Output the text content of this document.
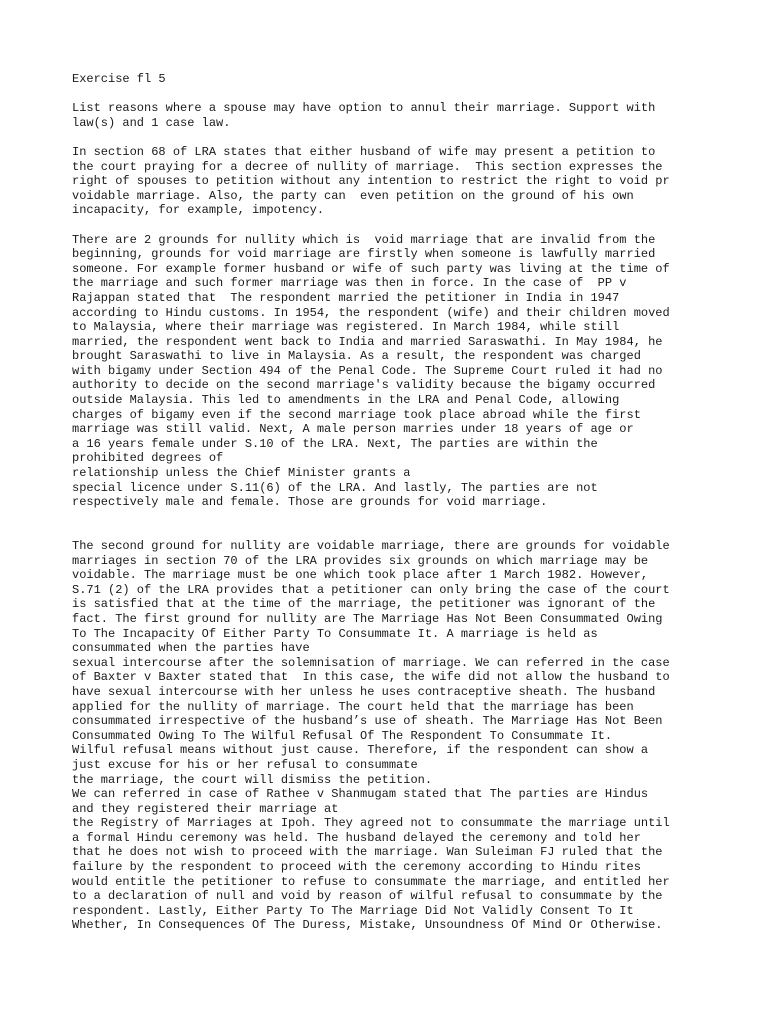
Exercise fl 5
List reasons where a spouse may have option to annul their marriage. Support with
law(s) and 1 case law.
In section 68 of LRA states that either husband of wife may present a petition to
the court praying for a decree of nullity of marriage.  This section expresses the
right of spouses to petition without any intention to restrict the right to void pr
voidable marriage. Also, the party can  even petition on the ground of his own
incapacity, for example, impotency.
There are 2 grounds for nullity which is  void marriage that are invalid from the
beginning, grounds for void marriage are firstly when someone is lawfully married
someone. For example former husband or wife of such party was living at the time of
the marriage and such former marriage was then in force. In the case of  PP v
Rajappan stated that  The respondent married the petitioner in India in 1947
according to Hindu customs. In 1954, the respondent (wife) and their children moved
to Malaysia, where their marriage was registered. In March 1984, while still
married, the respondent went back to India and married Saraswathi. In May 1984, he
brought Saraswathi to live in Malaysia. As a result, the respondent was charged
with bigamy under Section 494 of the Penal Code. The Supreme Court ruled it had no
authority to decide on the second marriage's validity because the bigamy occurred
outside Malaysia. This led to amendments in the LRA and Penal Code, allowing
charges of bigamy even if the second marriage took place abroad while the first
marriage was still valid. Next, A male person marries under 18 years of age or
a 16 years female under S.10 of the LRA. Next, The parties are within the
prohibited degrees of
relationship unless the Chief Minister grants a
special licence under S.11(6) of the LRA. And lastly, The parties are not
respectively male and female. Those are grounds for void marriage.
The second ground for nullity are voidable marriage, there are grounds for voidable
marriages in section 70 of the LRA provides six grounds on which marriage may be
voidable. The marriage must be one which took place after 1 March 1982. However,
S.71 (2) of the LRA provides that a petitioner can only bring the case of the court
is satisfied that at the time of the marriage, the petitioner was ignorant of the
fact. The first ground for nullity are The Marriage Has Not Been Consummated Owing
To The Incapacity Of Either Party To Consummate It. A marriage is held as
consummated when the parties have
sexual intercourse after the solemnisation of marriage. We can referred in the case
of Baxter v Baxter stated that  In this case, the wife did not allow the husband to
have sexual intercourse with her unless he uses contraceptive sheath. The husband
applied for the nullity of marriage. The court held that the marriage has been
consummated irrespective of the husband’s use of sheath. The Marriage Has Not Been
Consummated Owing To The Wilful Refusal Of The Respondent To Consummate It.
Wilful refusal means without just cause. Therefore, if the respondent can show a
just excuse for his or her refusal to consummate
the marriage, the court will dismiss the petition.
We can referred in case of Rathee v Shanmugam stated that The parties are Hindus
and they registered their marriage at
the Registry of Marriages at Ipoh. They agreed not to consummate the marriage until
a formal Hindu ceremony was held. The husband delayed the ceremony and told her
that he does not wish to proceed with the marriage. Wan Suleiman FJ ruled that the
failure by the respondent to proceed with the ceremony according to Hindu rites
would entitle the petitioner to refuse to consummate the marriage, and entitled her
to a declaration of null and void by reason of wilful refusal to consummate by the
respondent. Lastly, Either Party To The Marriage Did Not Validly Consent To It
Whether, In Consequences Of The Duress, Mistake, Unsoundness Of Mind Or Otherwise.
